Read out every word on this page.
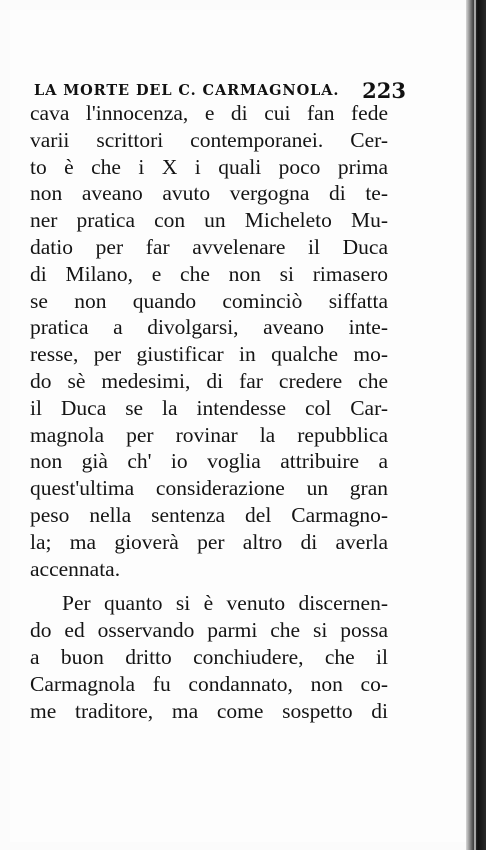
LA MORTE DEL C. CARMAGNOLA. 223
cava l'innocenza, e di cui fan fede
varii scrittori contemporanei. Cer-
to è che i X i quali poco prima
non aveano avuto vergogna di te-
ner pratica con un Micheleto Mu-
datio per far avvelenare il Duca
di Milano, e che non si rimasero
se non quando cominciò siffatta
pratica a divolgarsi, aveano inte-
resse, per giustificar in qualche mo-
do sè medesimi, di far credere che
il Duca se la intendesse col Car-
magnola per rovinar la repubblica
non già ch' io voglia attribuire a
quest'ultima considerazione un gran
peso nella sentenza del Carmagno-
la; ma gioverà per altro di averla
accennata.
Per quanto si è venuto discernen-
do ed osservando parmi che si possa
a buon dritto conchiudere, che il
Carmagnola fu condannato, non co-
me traditore, ma come sospetto di
